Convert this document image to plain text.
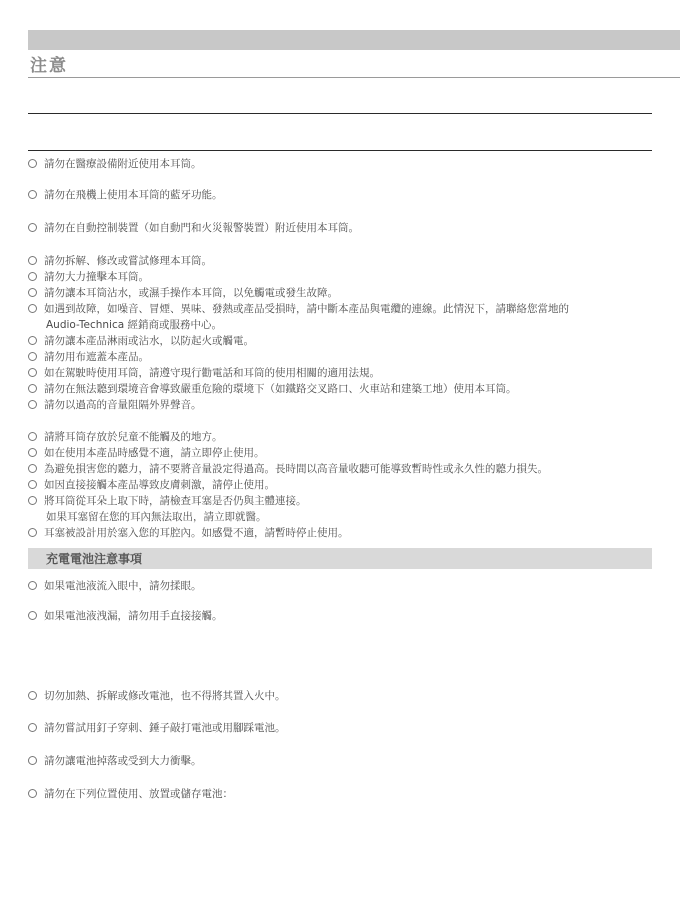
注意
請勿在醫療設備附近使用本耳筒。
請勿在飛機上使用本耳筒的藍牙功能。
請勿在自動控制裝置（如自動門和火災報警裝置）附近使用本耳筒。
請勿拆解、修改或嘗試修理本耳筒。
請勿大力撞擊本耳筒。
請勿讓本耳筒沾水，或濕手操作本耳筒，以免觸電或發生故障。
如遇到故障，如噪音、冒煙、異味、發熱或產品受損時，請中斷本產品與電纜的連線。此情況下，請聯絡您當地的
Audio-Technica 經銷商或服務中心。
請勿讓本產品淋雨或沾水，以防起火或觸電。
請勿用布遮蓋本產品。
如在駕駛時使用耳筒，請遵守現行勸電話和耳筒的使用相關的適用法規。
請勿在無法聽到環境音會導致嚴重危險的環境下（如鐵路交叉路口、火車站和建築工地）使用本耳筒。
請勿以過高的音量阻隔外界聲音。
請將耳筒存放於兒童不能觸及的地方。
如在使用本產品時感覺不適，請立即停止使用。
為避免損害您的聽力，請不要將音量設定得過高。長時間以高音量收聽可能導致暫時性或永久性的聽力損失。
如因直接接觸本產品導致皮膚刺激，請停止使用。
將耳筒從耳朵上取下時，請檢查耳塞是否仍與主體連接。
如果耳塞留在您的耳內無法取出，請立即就醫。
耳塞被設計用於塞入您的耳腔內。如感覺不適，請暫時停止使用。
充電電池注意事項
如果電池液流入眼中，請勿揉眼。
如果電池液洩漏，請勿用手直接接觸。
切勿加熱、拆解或修改電池，也不得將其置入火中。
請勿嘗試用釘子穿刺、錘子敲打電池或用腳踩電池。
請勿讓電池掉落或受到大力衝擊。
請勿在下列位置使用、放置或儲存電池：
